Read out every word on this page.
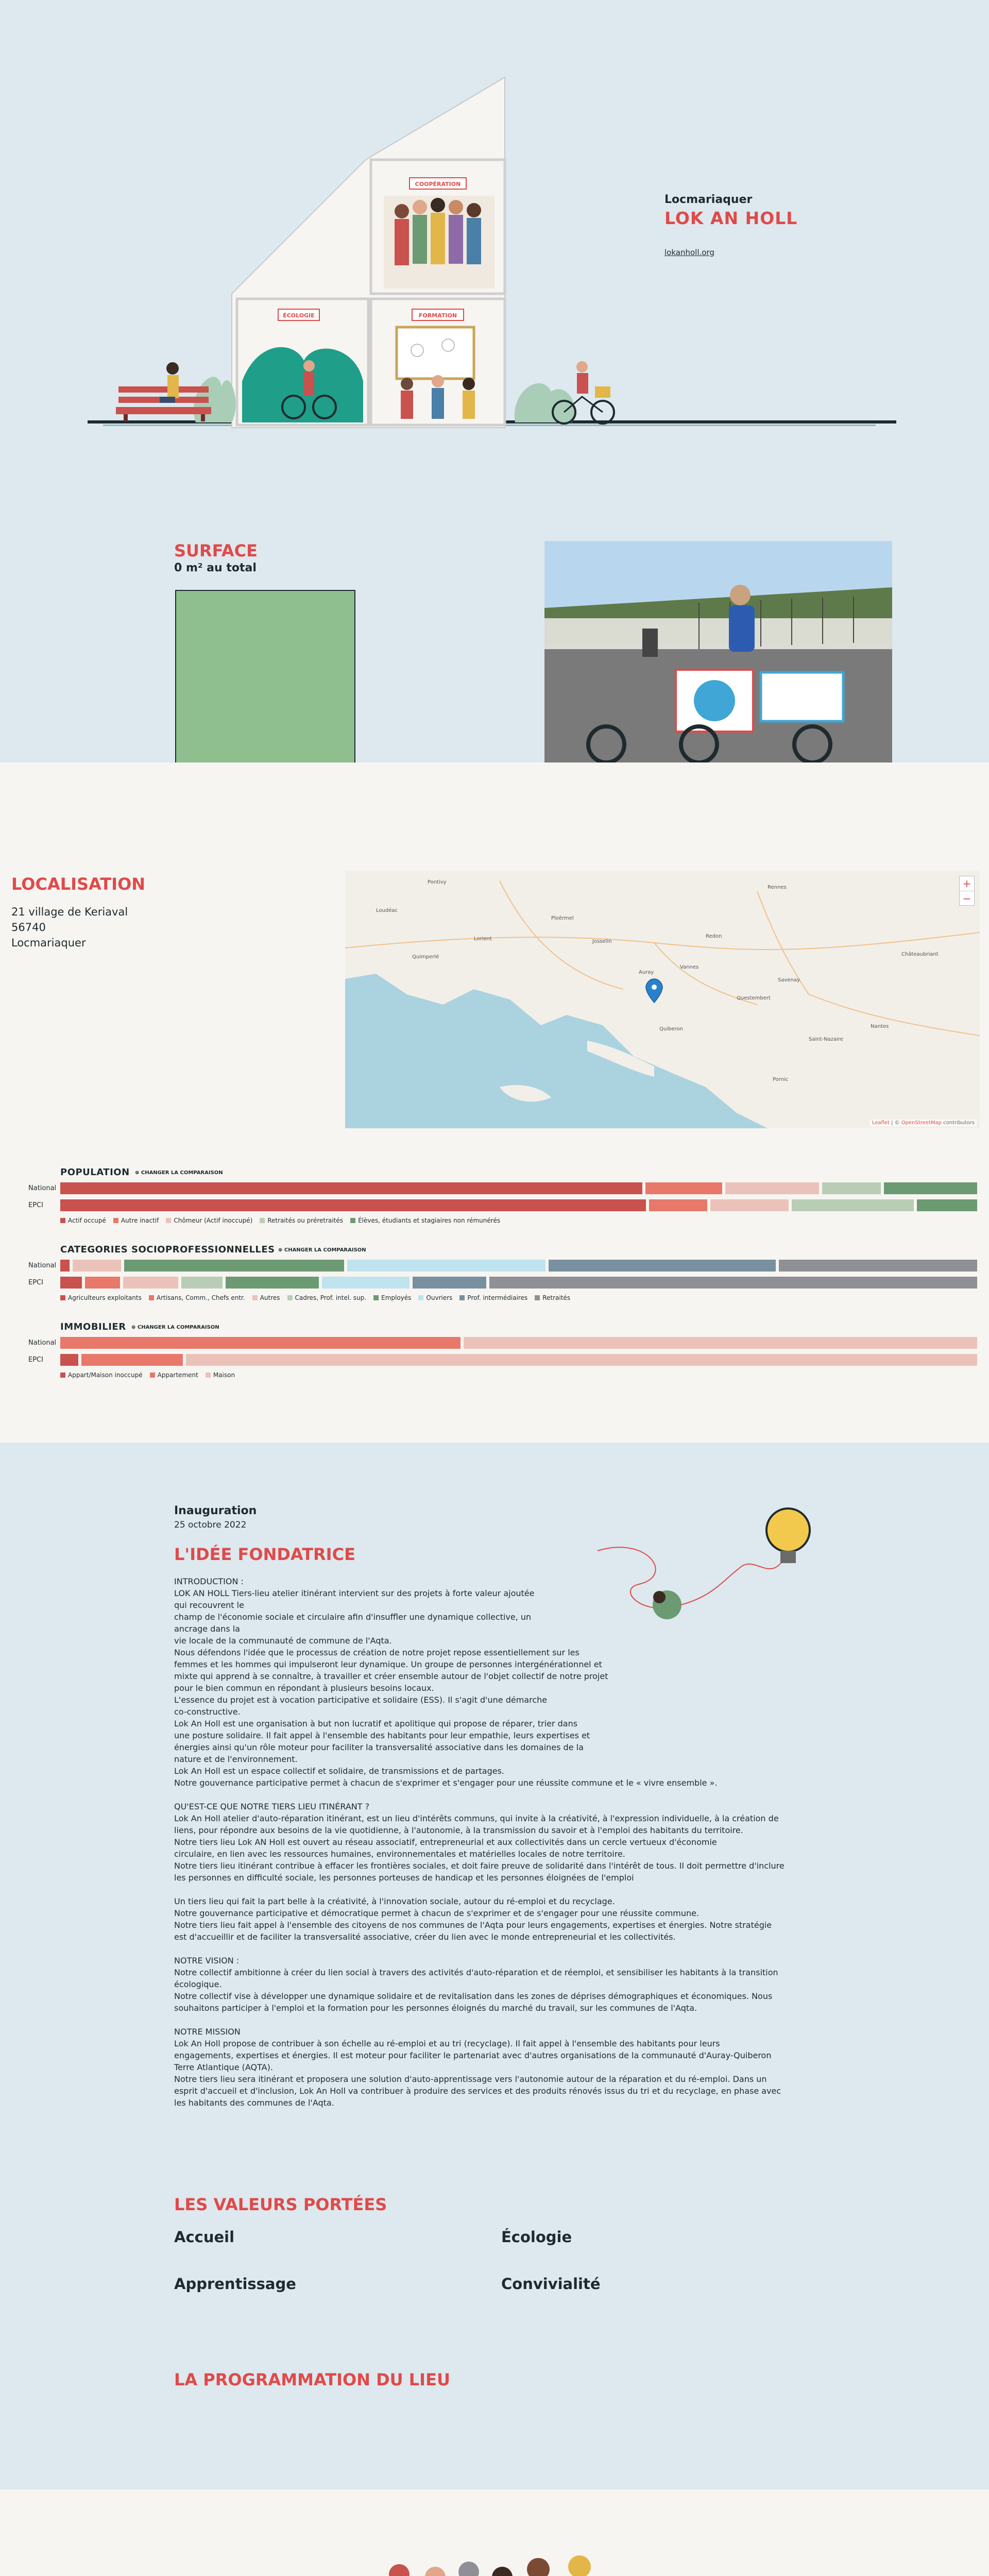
COOPÉRATION
ÉCOLOGIE	FORMATION
Locmariaquer
LOK AN HOLL
lokanholl.org
SURFACE
0 m² au total
LOCALISATION
21 village de Keriaval
56740
Locmariaquer
Pontivy
Rennes
Loudéac
Ploërmel
Vannes
Lorient
Quimperlé
Redon
Châteaubriant
Savenay
Nantes
Saint-Nazaire
Pornic
Quiberon
Auray
Questembert
Josselin
+
−
Leaflet | © OpenStreetMap contributors
POPULATION ⊕ CHANGER LA COMPARAISON
National
EPCI
Actif occupé Autre inactif Chômeur (Actif inoccupé) Retraités ou préretraités Élèves, étudiants et stagiaires non rémunérés
CATEGORIES SOCIOPROFESSIONNELLES ⊕ CHANGER LA COMPARAISON
National
EPCI
Agriculteurs exploitants Artisans, Comm., Chefs entr. Autres Cadres, Prof. intel. sup. Employés Ouvriers Prof. intermédiaires Retraités
IMMOBILIER ⊕ CHANGER LA COMPARAISON
National
EPCI
Appart/Maison inoccupé Appartement Maison
Inauguration
25 octobre 2022
L'IDÉE FONDATRICE
INTRODUCTION :
LOK AN HOLL Tiers-lieu atelier itinérant intervient sur des projets à forte valeur ajoutée
qui recouvrent le
champ de l'économie sociale et circulaire afin d'insuffler une dynamique collective, un
ancrage dans la
vie locale de la communauté de commune de l'Aqta.
Nous défendons l'idée que le processus de création de notre projet repose essentiellement sur les
femmes et les hommes qui impulseront leur dynamique. Un groupe de personnes intergénérationnel et
mixte qui apprend à se connaître, à travailler et créer ensemble autour de l'objet collectif de notre projet
pour le bien commun en répondant à plusieurs besoins locaux.
L'essence du projet est à vocation participative et solidaire (ESS). Il s'agit d'une démarche
co-constructive.
Lok An Holl est une organisation à but non lucratif et apolitique qui propose de réparer, trier dans
une posture solidaire. Il fait appel à l'ensemble des habitants pour leur empathie, leurs expertises et
énergies ainsi qu'un rôle moteur pour faciliter la transversalité associative dans les domaines de la
nature et de l'environnement.
Lok An Holl est un espace collectif et solidaire, de transmissions et de partages.
Notre gouvernance participative permet à chacun de s'exprimer et s'engager pour une réussite commune et le « vivre ensemble ».

QU'EST-CE QUE NOTRE TIERS LIEU ITINÉRANT ?
Lok An Holl atelier d'auto-réparation itinérant, est un lieu d'intérêts communs, qui invite à la créativité, à l'expression individuelle, à la création de
liens, pour répondre aux besoins de la vie quotidienne, à l'autonomie, à la transmission du savoir et à l'emploi des habitants du territoire.
Notre tiers lieu Lok AN Holl est ouvert au réseau associatif, entrepreneurial et aux collectivités dans un cercle vertueux d'économie
circulaire, en lien avec les ressources humaines, environnementales et matérielles locales de notre territoire.
Notre tiers lieu itinérant contribue à effacer les frontières sociales, et doit faire preuve de solidarité dans l'intérêt de tous. Il doit permettre d'inclure
les personnes en difficulté sociale, les personnes porteuses de handicap et les personnes éloignées de l'emploi

Un tiers lieu qui fait la part belle à la créativité, à l'innovation sociale, autour du ré-emploi et du recyclage.
Notre gouvernance participative et démocratique permet à chacun de s'exprimer et de s'engager pour une réussite commune.
Notre tiers lieu fait appel à l'ensemble des citoyens de nos communes de l'Aqta pour leurs engagements, expertises et énergies. Notre stratégie
est d'accueillir et de faciliter la transversalité associative, créer du lien avec le monde entrepreneurial et les collectivités.

NOTRE VISION :
Notre collectif ambitionne à créer du lien social à travers des activités d'auto-réparation et de réemploi, et sensibiliser les habitants à la transition
écologique.
Notre collectif vise à développer une dynamique solidaire et de revitalisation dans les zones de déprises démographiques et économiques. Nous
souhaitons participer à l'emploi et la formation pour les personnes éloignés du marché du travail, sur les communes de l'Aqta.

NOTRE MISSION
Lok An Holl propose de contribuer à son échelle au ré-emploi et au tri (recyclage). Il fait appel à l'ensemble des habitants pour leurs
engagements, expertises et énergies. Il est moteur pour faciliter le partenariat avec d'autres organisations de la communauté d'Auray-Quiberon
Terre Atlantique (AQTA).
Notre tiers lieu sera itinérant et proposera une solution d'auto-apprentissage vers l'autonomie autour de la réparation et du ré-emploi. Dans un
esprit d'accueil et d'inclusion, Lok An Holl va contribuer à produire des services et des produits rénovés issus du tri et du recyclage, en phase avec
les habitants des communes de l'Aqta.
LES VALEURS PORTÉES
Accueil	Écologie
Apprentissage	Convivialité
LA PROGRAMMATION DU LIEU
